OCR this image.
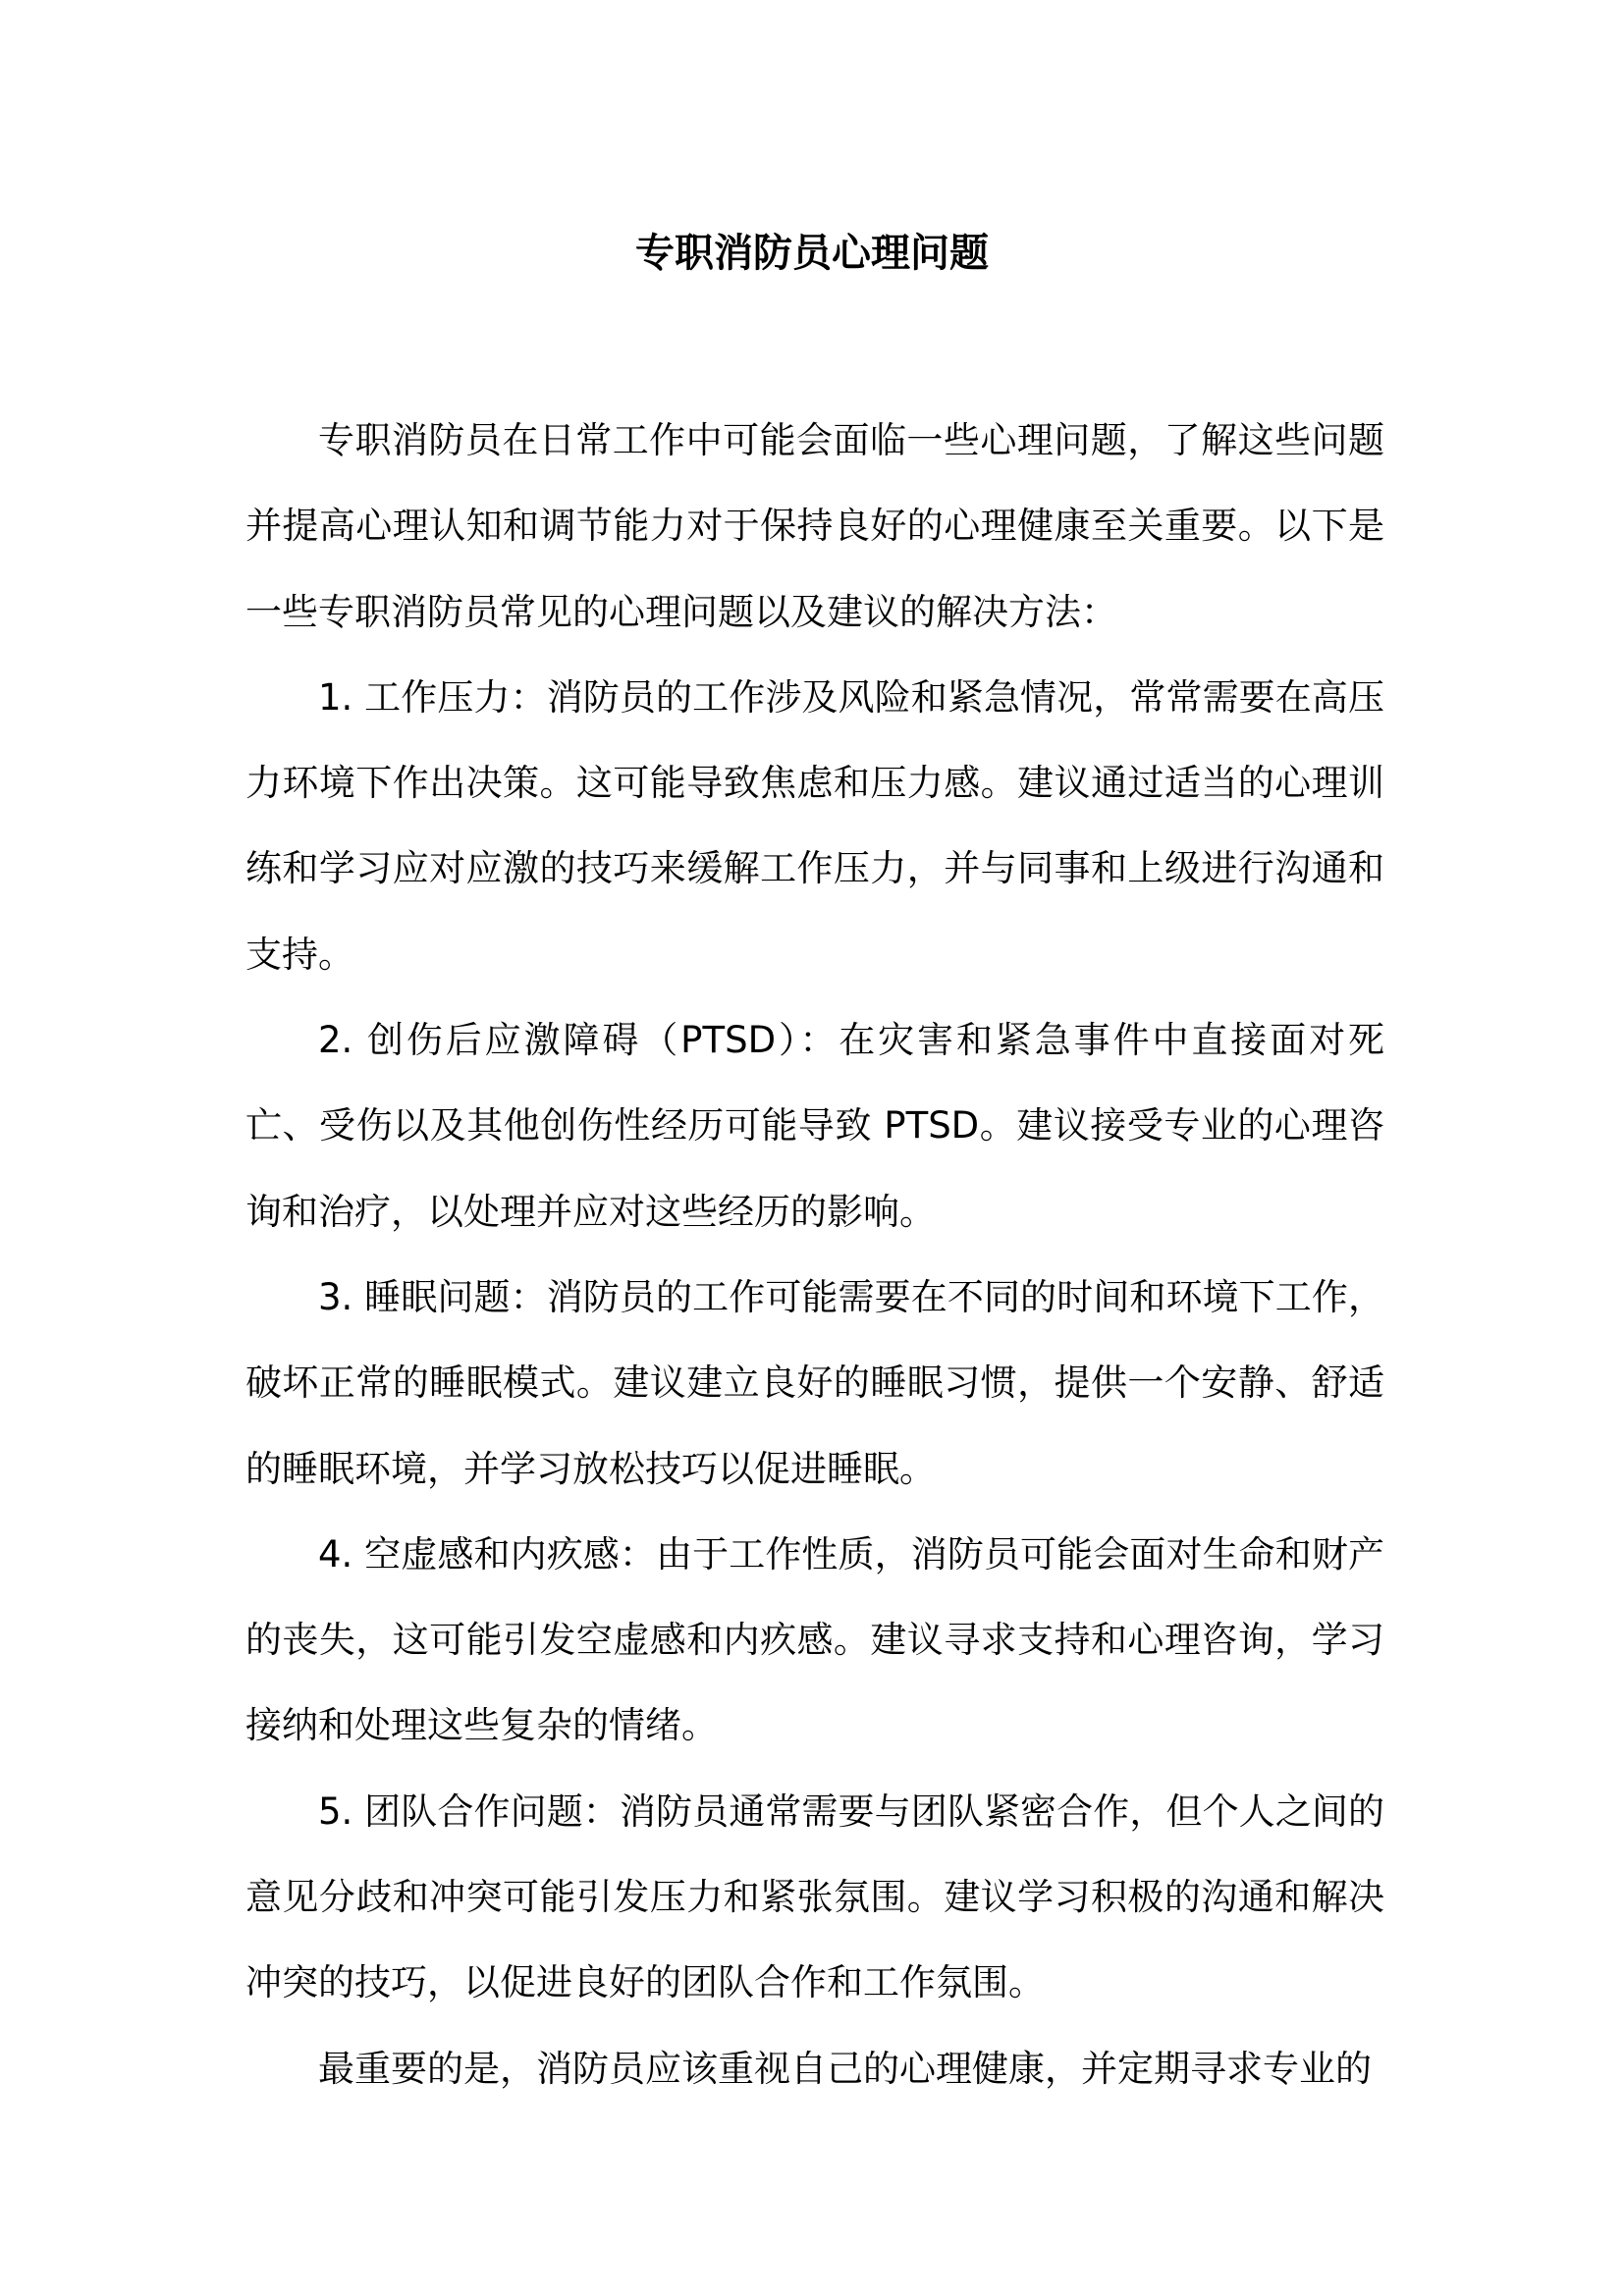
专职消防员心理问题

专职消防员在日常工作中可能会面临一些心理问题，了解这些问题并提高心理认知和调节能力对于保持良好的心理健康至关重要。以下是一些专职消防员常见的心理问题以及建议的解决方法：

1. 工作压力：消防员的工作涉及风险和紧急情况，常常需要在高压力环境下作出决策。这可能导致焦虑和压力感。建议通过适当的心理训练和学习应对应激的技巧来缓解工作压力，并与同事和上级进行沟通和支持。

2. 创伤后应激障碍（PTSD）：在灾害和紧急事件中直接面对死亡、受伤以及其他创伤性经历可能导致 PTSD。建议接受专业的心理咨询和治疗，以处理并应对这些经历的影响。

3. 睡眠问题：消防员的工作可能需要在不同的时间和环境下工作，破坏正常的睡眠模式。建议建立良好的睡眠习惯，提供一个安静、舒适的睡眠环境，并学习放松技巧以促进睡眠。

4. 空虚感和内疚感：由于工作性质，消防员可能会面对生命和财产的丧失，这可能引发空虚感和内疚感。建议寻求支持和心理咨询，学习接纳和处理这些复杂的情绪。

5. 团队合作问题：消防员通常需要与团队紧密合作，但个人之间的意见分歧和冲突可能引发压力和紧张氛围。建议学习积极的沟通和解决冲突的技巧，以促进良好的团队合作和工作氛围。

最重要的是，消防员应该重视自己的心理健康，并定期寻求专业的
